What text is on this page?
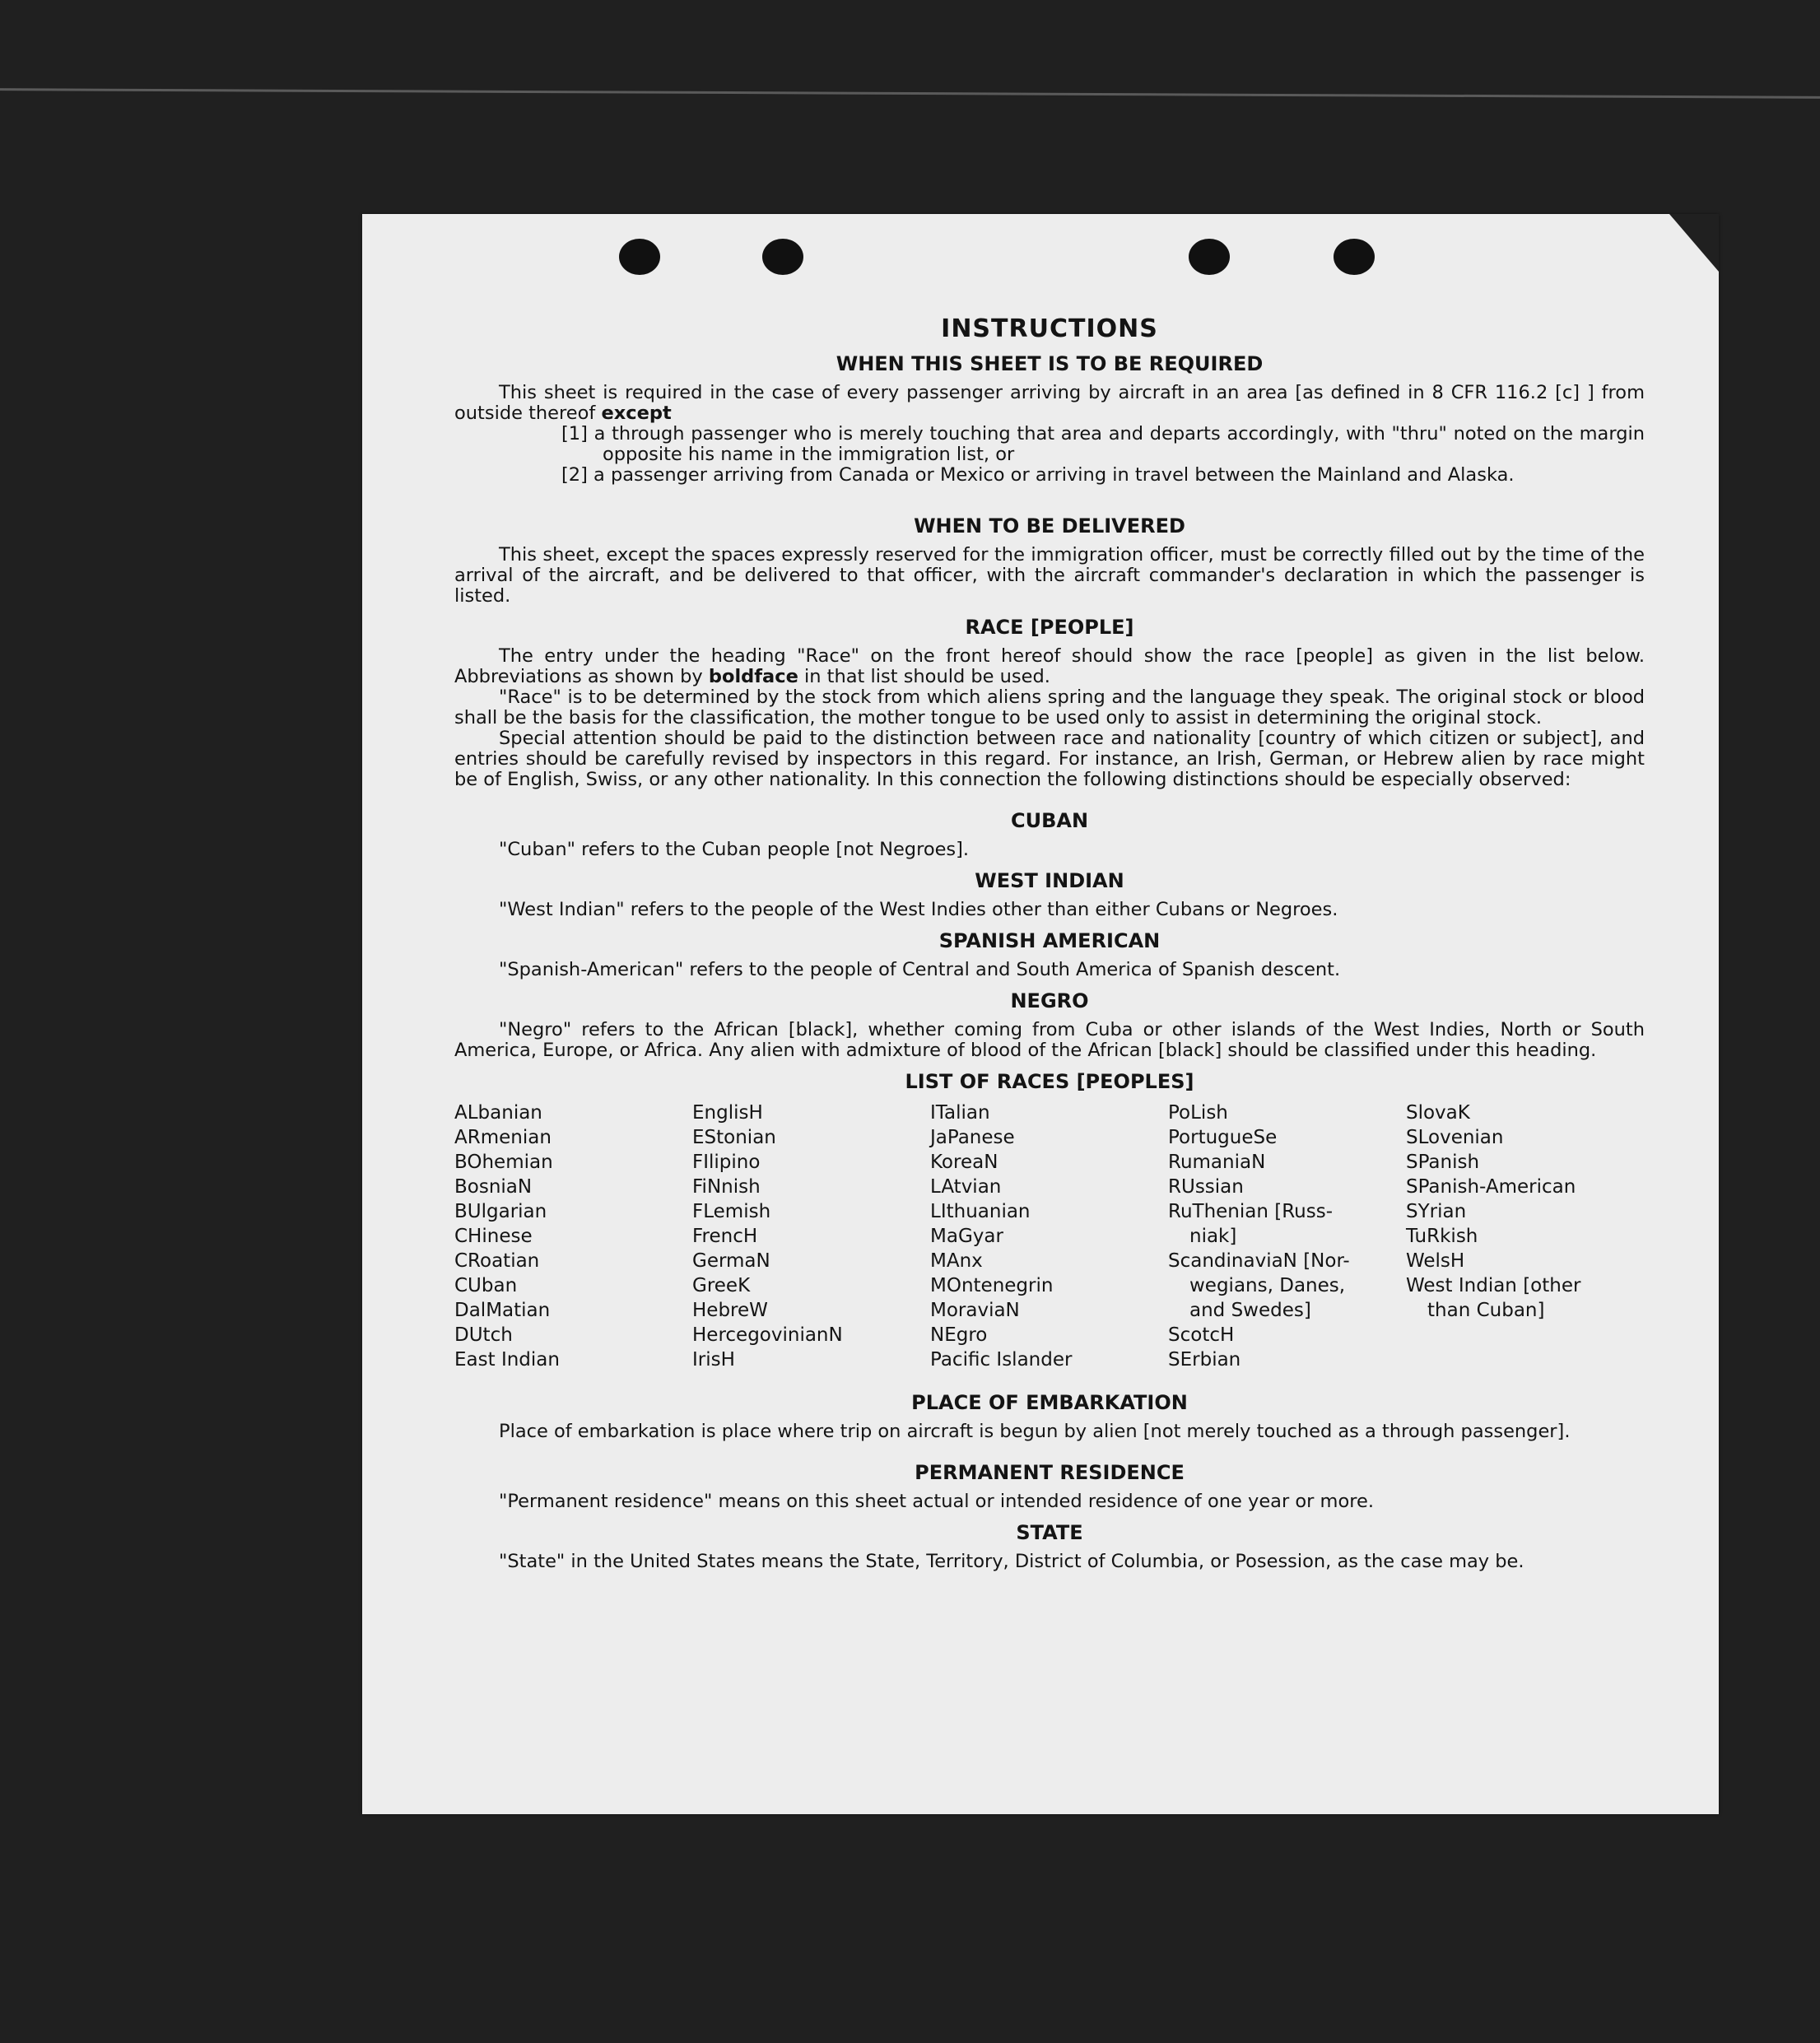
INSTRUCTIONS
WHEN THIS SHEET IS TO BE REQUIRED

This sheet is required in the case of every passenger arriving by aircraft in an area [as defined in 8 CFR 116.2 [c] ] from outside thereof except

[1] a through passenger who is merely touching that area and departs accordingly, with "thru" noted on the margin opposite his name in the immigration list, or
[2] a passenger arriving from Canada or Mexico or arriving in travel between the Mainland and Alaska.
WHEN TO BE DELIVERED

This sheet, except the spaces expressly reserved for the immigration officer, must be correctly filled out by the time of the arrival of the aircraft, and be delivered to that officer, with the aircraft commander's declaration in which the passenger is listed.

RACE [PEOPLE]

The entry under the heading "Race" on the front hereof should show the race [people] as given in the list below. Abbreviations as shown by boldface in that list should be used.

"Race" is to be determined by the stock from which aliens spring and the language they speak. The original stock or blood shall be the basis for the classification, the mother tongue to be used only to assist in determining the original stock.

Special attention should be paid to the distinction between race and nationality [country of which citizen or subject], and entries should be carefully revised by inspectors in this regard. For instance, an Irish, German, or Hebrew alien by race might be of English, Swiss, or any other nationality. In this connection the following distinctions should be especially observed:

CUBAN

"Cuban" refers to the Cuban people [not Negroes].

WEST INDIAN

"West Indian" refers to the people of the West Indies other than either Cubans or Negroes.

SPANISH AMERICAN

"Spanish-American" refers to the people of Central and South America of Spanish descent.

NEGRO

"Negro" refers to the African [black], whether coming from Cuba or other islands of the West Indies, North or South America, Europe, or Africa. Any alien with admixture of blood of the African [black] should be classified under this heading.

LIST OF RACES [PEOPLES]
ALbanian
ARmenian
BOhemian
BosniaN
BUlgarian
CHinese
CRoatian
CUban
DalMatian
DUtch
East Indian
EnglisH
EStonian
FIlipino
FiNnish
FLemish
FrencH
GermaN
GreeK
HebreW
HercegovinianN
IrisH
ITalian
JaPanese
KoreaN
LAtvian
LIthuanian
MaGyar
MAnx
MOntenegrin
MoraviaN
NEgro
Pacific Islander
PoLish
PortugueSe
RumaniaN
RUssian
RuThenian [Russ-
niak]
ScandinaviaN [Nor-
wegians, Danes,
and Swedes]
ScotcH
SErbian
SlovaK
SLovenian
SPanish
SPanish-American
SYrian
TuRkish
WelsH
West Indian [other
than Cuban]
PLACE OF EMBARKATION

Place of embarkation is place where trip on aircraft is begun by alien [not merely touched as a through passenger].

PERMANENT RESIDENCE

"Permanent residence" means on this sheet actual or intended residence of one year or more.

STATE

"State" in the United States means the State, Territory, District of Columbia, or Posession, as the case may be.
